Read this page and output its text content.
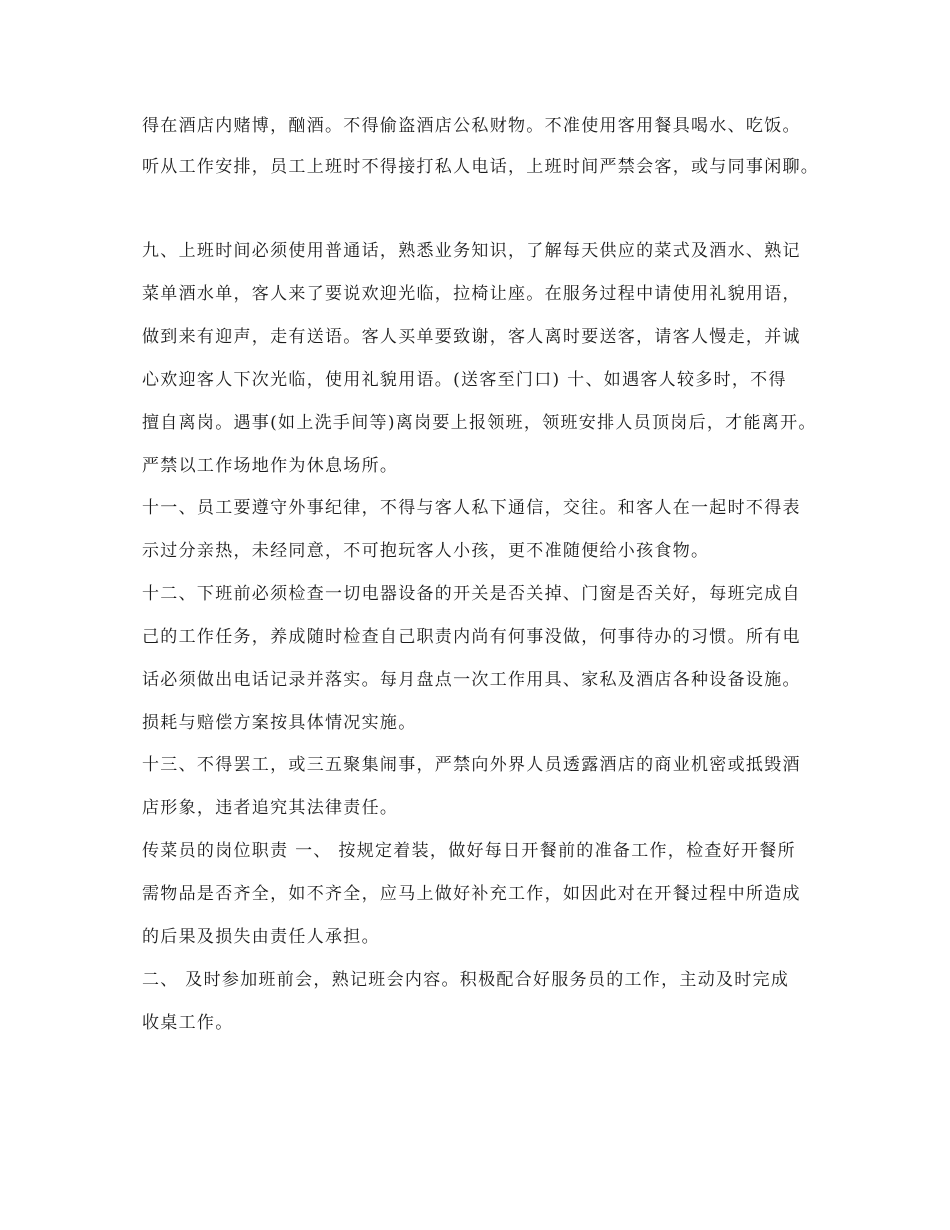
得在酒店内赌博，酗酒。不得偷盗酒店公私财物。不准使用客用餐具喝水、吃饭。
听从工作安排，员工上班时不得接打私人电话，上班时间严禁会客，或与同事闲聊。
九、上班时间必须使用普通话，熟悉业务知识，了解每天供应的菜式及酒水、熟记
菜单酒水单，客人来了要说欢迎光临，拉椅让座。在服务过程中请使用礼貌用语，
做到来有迎声，走有送语。客人买单要致谢，客人离时要送客，请客人慢走，并诚
心欢迎客人下次光临，使用礼貌用语。(送客至门口) 十、如遇客人较多时，不得
擅自离岗。遇事(如上洗手间等)离岗要上报领班，领班安排人员顶岗后，才能离开。
严禁以工作场地作为休息场所。
十一、员工要遵守外事纪律，不得与客人私下通信，交往。和客人在一起时不得表
示过分亲热，未经同意，不可抱玩客人小孩，更不准随便给小孩食物。
十二、下班前必须检查一切电器设备的开关是否关掉、门窗是否关好，每班完成自
己的工作任务，养成随时检查自己职责内尚有何事没做，何事待办的习惯。所有电
话必须做出电话记录并落实。每月盘点一次工作用具、家私及酒店各种设备设施。
损耗与赔偿方案按具体情况实施。
十三、不得罢工，或三五聚集闹事，严禁向外界人员透露酒店的商业机密或抵毁酒
店形象，违者追究其法律责任。
传菜员的岗位职责 一、 按规定着装，做好每日开餐前的准备工作，检查好开餐所
需物品是否齐全，如不齐全，应马上做好补充工作，如因此对在开餐过程中所造成
的后果及损失由责任人承担。
二、 及时参加班前会，熟记班会内容。积极配合好服务员的工作，主动及时完成
收桌工作。
